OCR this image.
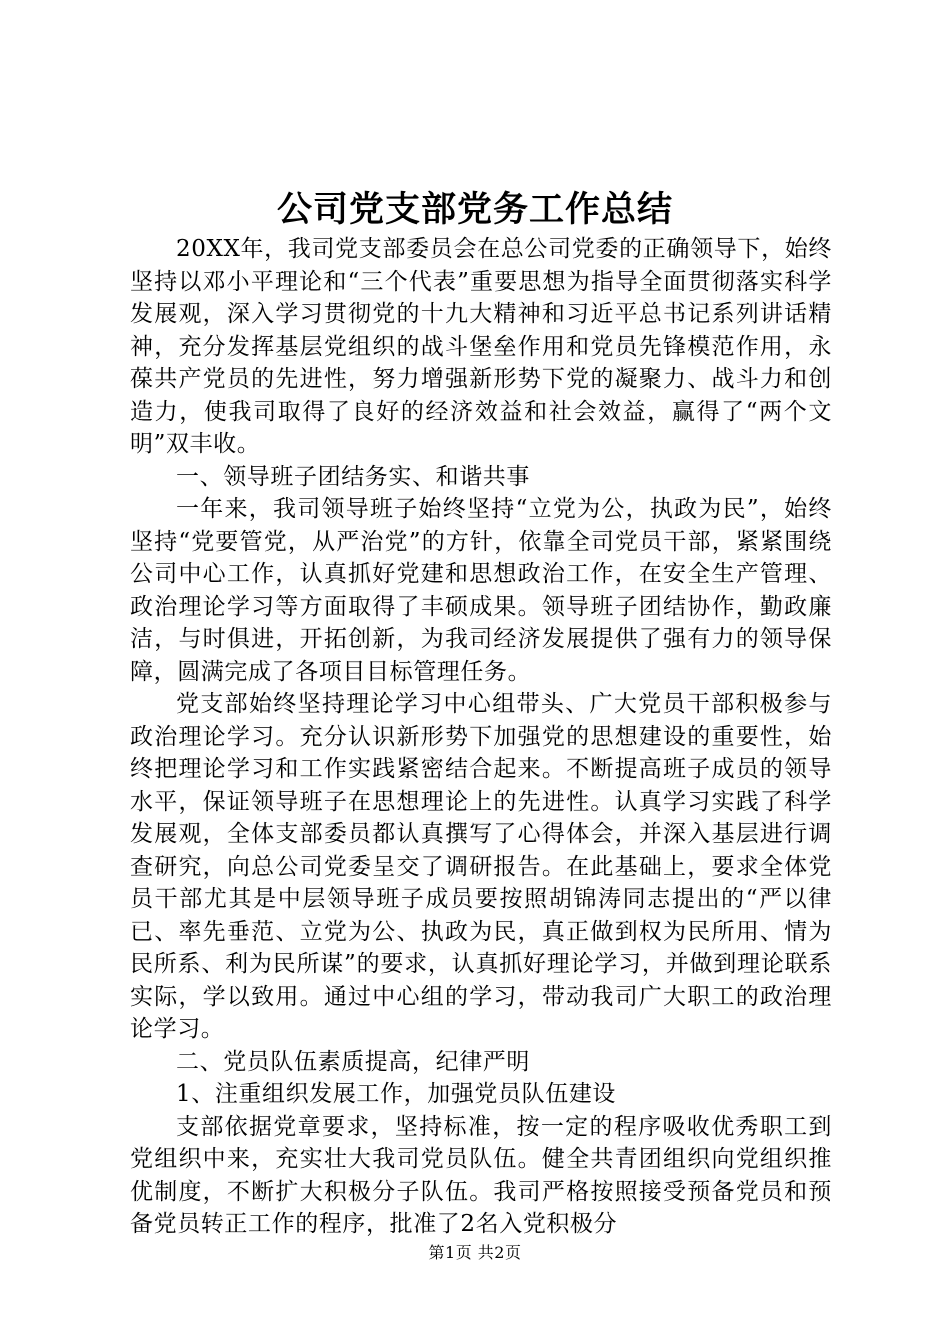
公司党支部党务工作总结

20XX年，我司党支部委员会在总公司党委的正确领导下，始终坚持以邓小平理论和“三个代表”重要思想为指导全面贯彻落实科学发展观，深入学习贯彻党的十九大精神和习近平总书记系列讲话精神，充分发挥基层党组织的战斗堡垒作用和党员先锋模范作用，永葆共产党员的先进性，努力增强新形势下党的凝聚力、战斗力和创造力，使我司取得了良好的经济效益和社会效益，赢得了“两个文明”双丰收。

一、领导班子团结务实、和谐共事

一年来，我司领导班子始终坚持“立党为公，执政为民”，始终坚持“党要管党，从严治党”的方针，依靠全司党员干部，紧紧围绕公司中心工作，认真抓好党建和思想政治工作，在安全生产管理、政治理论学习等方面取得了丰硕成果。领导班子团结协作，勤政廉洁，与时俱进，开拓创新，为我司经济发展提供了强有力的领导保障，圆满完成了各项目目标管理任务。

党支部始终坚持理论学习中心组带头、广大党员干部积极参与政治理论学习。充分认识新形势下加强党的思想建设的重要性，始终把理论学习和工作实践紧密结合起来。不断提高班子成员的领导水平，保证领导班子在思想理论上的先进性。认真学习实践了科学发展观，全体支部委员都认真撰写了心得体会，并深入基层进行调查研究，向总公司党委呈交了调研报告。在此基础上，要求全体党员干部尤其是中层领导班子成员要按照胡锦涛同志提出的“严以律已、率先垂范、立党为公、执政为民，真正做到权为民所用、情为民所系、利为民所谋”的要求，认真抓好理论学习，并做到理论联系实际，学以致用。通过中心组的学习，带动我司广大职工的政治理论学习。

二、党员队伍素质提高，纪律严明

1、注重组织发展工作，加强党员队伍建设

支部依据党章要求，坚持标准，按一定的程序吸收优秀职工到党组织中来，充实壮大我司党员队伍。健全共青团组织向党组织推优制度，不断扩大积极分子队伍。我司严格按照接受预备党员和预备党员转正工作的程序，批准了2名入党积极分

第1页 共2页
